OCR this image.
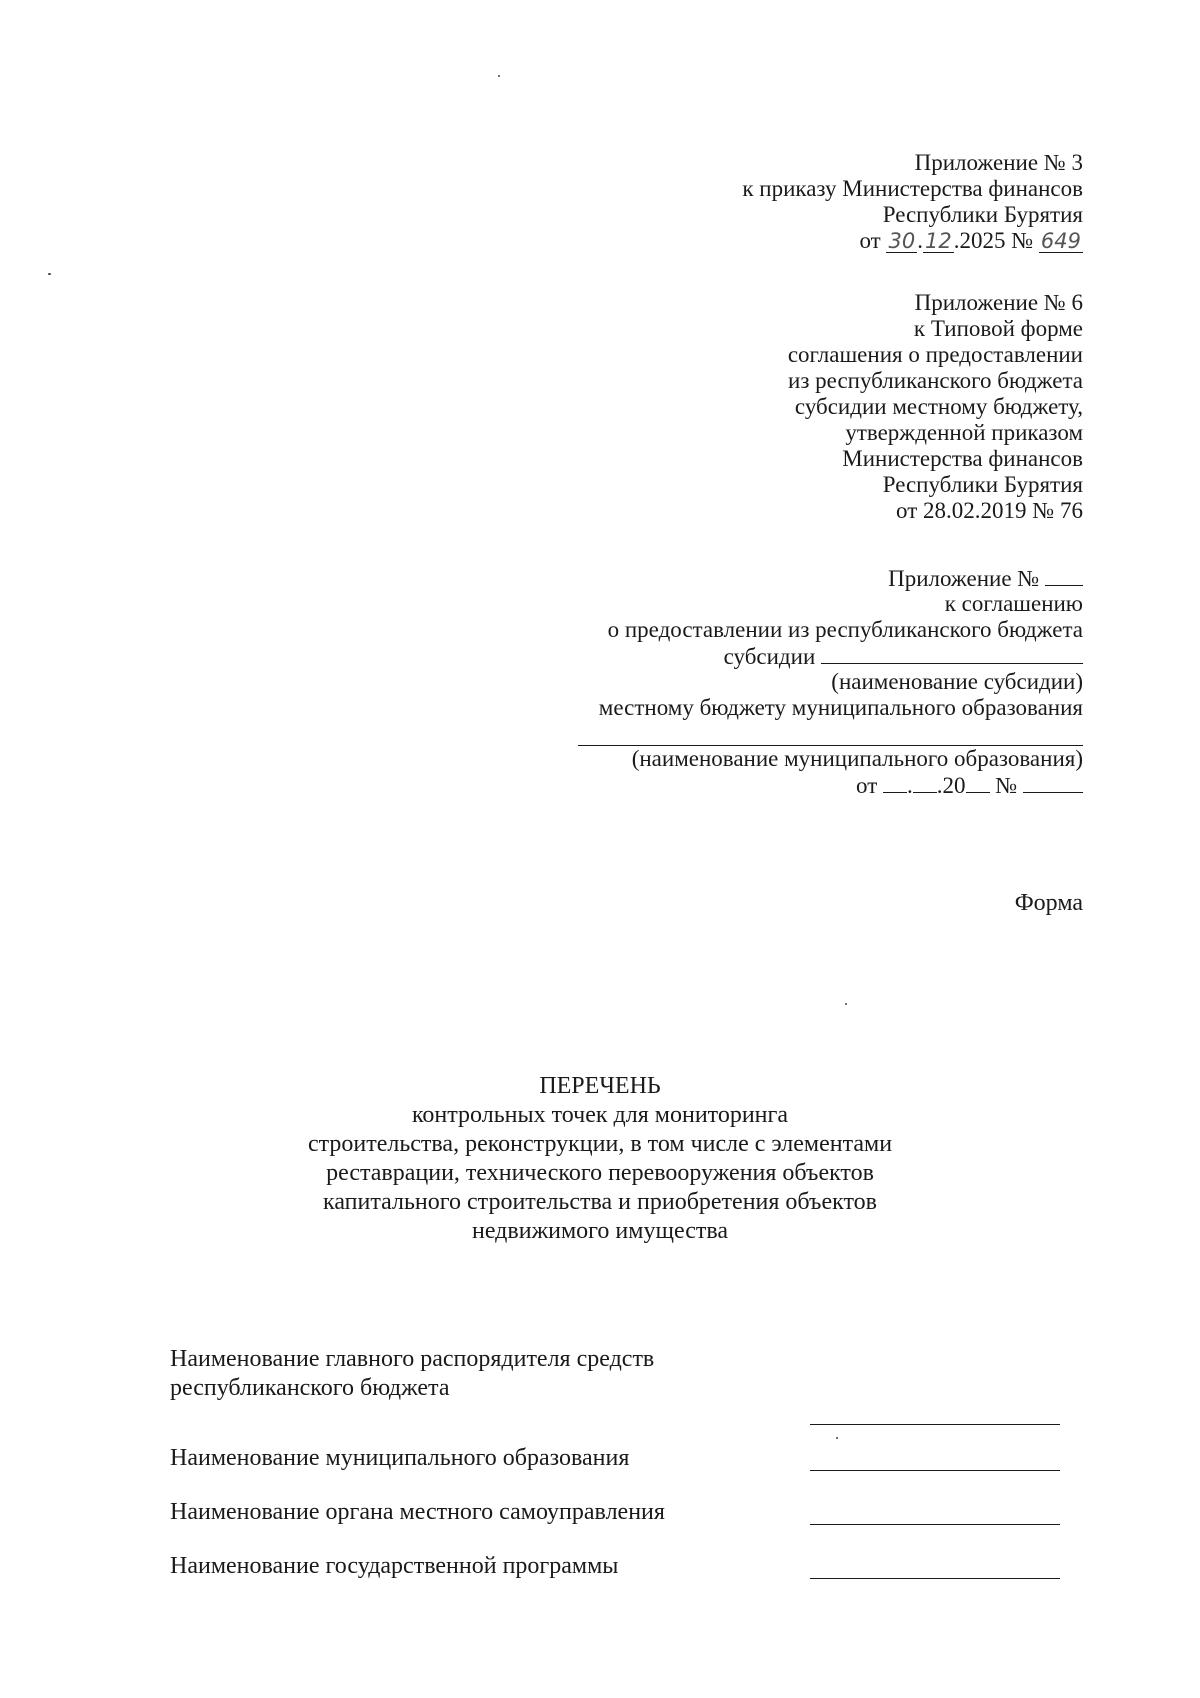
Приложение № 3
к приказу Министерства финансов
Республики Бурятия
от 30.12.2025 № 649
Приложение № 6
к Типовой форме
соглашения о предоставлении
из республиканского бюджета
субсидии местному бюджету,
утвержденной приказом
Министерства финансов
Республики Бурятия
от 28.02.2019 № 76
Приложение №
к соглашению
о предоставлении из республиканского бюджета
субсидии
(наименование субсидии)
местному бюджету муниципального образования
(наименование муниципального образования)
от . .20 №
Форма
ПЕРЕЧЕНЬ
контрольных точек для мониторинга
строительства, реконструкции, в том числе с элементами
реставрации, технического перевооружения объектов
капитального строительства и приобретения объектов
недвижимого имущества
Наименование главного распорядителя средств
республиканского бюджета
Наименование муниципального образования
Наименование органа местного самоуправления
Наименование государственной программы
